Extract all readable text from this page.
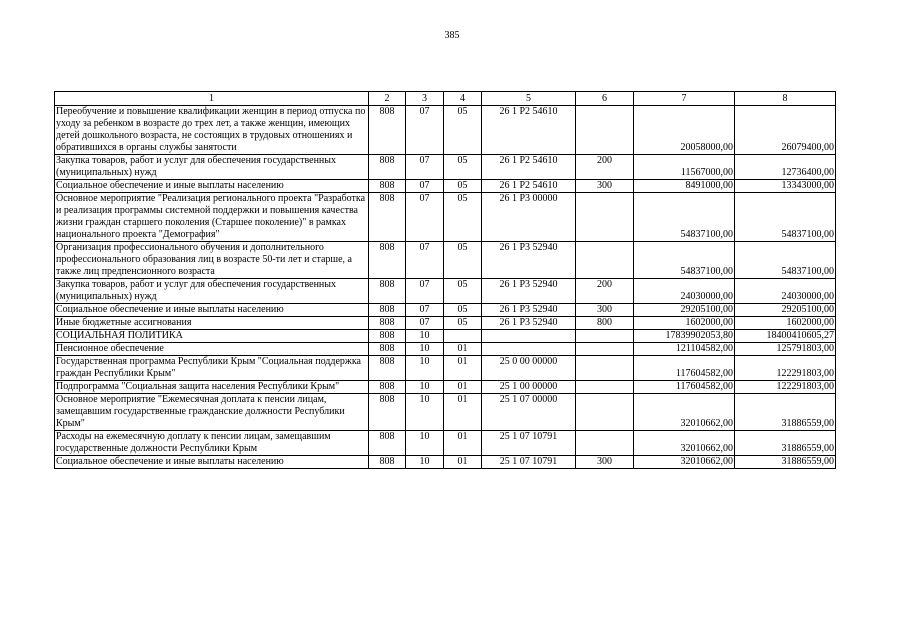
385
1	2	3	4	5	6	7	8
Переобучение и повышение квалификации женщин в период отпуска по уходу за ребенком в возрасте до трех лет, а также женщин, имеющих детей дошкольного возраста, не состоящих в трудовых отношениях и обратившихся в органы службы занятости	808	07	05	26 1 P2 54610		20058000,00	26079400,00
Закупка товаров, работ и услуг для обеспечения государственных (муниципальных) нужд	808	07	05	26 1 P2 54610	200	11567000,00	12736400,00
Социальное обеспечение и иные выплаты населению	808	07	05	26 1 P2 54610	300	8491000,00	13343000,00
Основное мероприятие "Реализация регионального проекта "Разработка и реализация программы системной поддержки и повышения качества жизни граждан старшего поколения (Старшее поколение)" в рамках национального проекта "Демография"	808	07	05	26 1 P3 00000		54837100,00	54837100,00
Организация профессионального обучения и дополнительного профессионального образования лиц в возрасте 50-ти лет и старше, а также лиц предпенсионного возраста	808	07	05	26 1 P3 52940		54837100,00	54837100,00
Закупка товаров, работ и услуг для обеспечения государственных (муниципальных) нужд	808	07	05	26 1 P3 52940	200	24030000,00	24030000,00
Социальное обеспечение и иные выплаты населению	808	07	05	26 1 P3 52940	300	29205100,00	29205100,00
Иные бюджетные ассигнования	808	07	05	26 1 P3 52940	800	1602000,00	1602000,00
СОЦИАЛЬНАЯ ПОЛИТИКА	808	10				17839902053,80	18400410605,27
Пенсионное обеспечение	808	10	01			121104582,00	125791803,00
Государственная программа Республики Крым "Социальная поддержка граждан Республики Крым"	808	10	01	25 0 00 00000		117604582,00	122291803,00
Подпрограмма "Социальная защита населения Республики Крым"	808	10	01	25 1 00 00000		117604582,00	122291803,00
Основное мероприятие "Ежемесячная доплата к пенсии лицам, замещавшим государственные гражданские должности Республики Крым"	808	10	01	25 1 07 00000		32010662,00	31886559,00
Расходы на ежемесячную доплату к пенсии лицам, замещавшим государственные должности Республики Крым	808	10	01	25 1 07 10791		32010662,00	31886559,00
Социальное обеспечение и иные выплаты населению	808	10	01	25 1 07 10791	300	32010662,00	31886559,00
